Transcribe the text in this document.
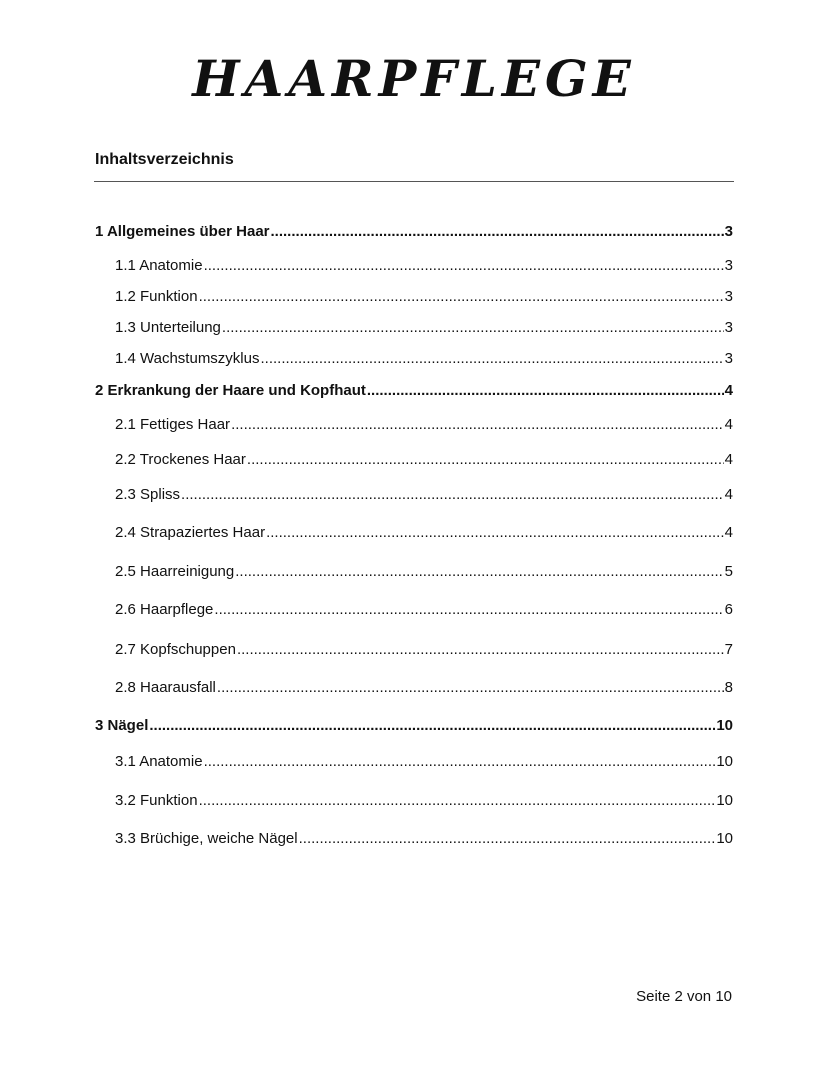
HAARPFLEGE
Inhaltsverzeichnis
1 Allgemeines über Haar .....	3
1.1 Anatomie .....	3
1.2 Funktion .....	3
1.3 Unterteilung .....	3
1.4 Wachstumszyklus .....	3
2 Erkrankung der Haare und Kopfhaut .....	4
2.1 Fettiges Haar .....	4
2.2 Trockenes Haar .....	4
2.3 Spliss .....	4
2.4 Strapaziertes Haar .....	4
2.5 Haarreinigung .....	5
2.6 Haarpflege .....	6
2.7 Kopfschuppen .....	7
2.8 Haarausfall .....	8
3 Nägel .....	10
3.1 Anatomie .....	10
3.2 Funktion .....	10
3.3 Brüchige, weiche Nägel .....	10
Seite 2 von 10
